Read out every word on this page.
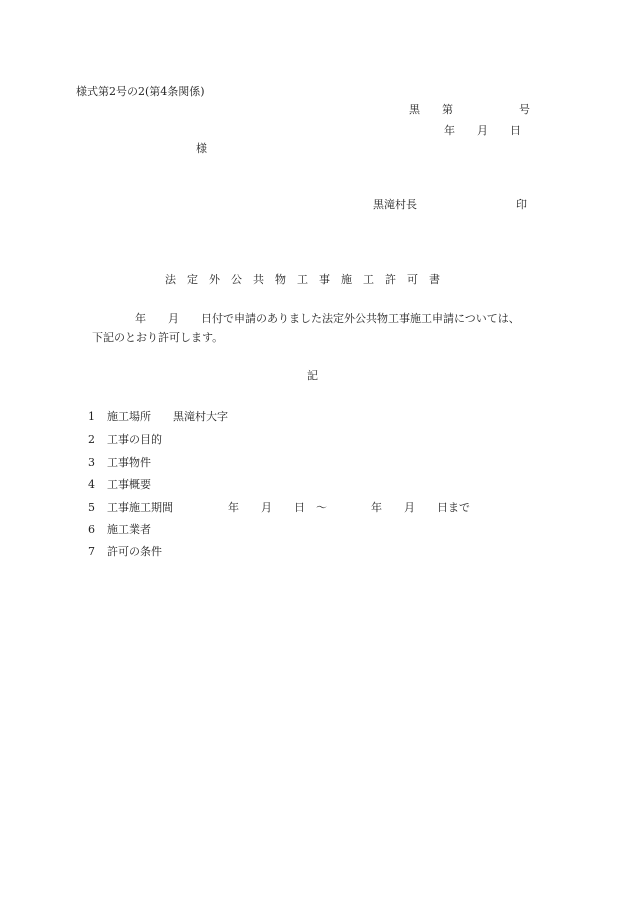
様式第2号の2(第4条関係)
黒　　第　　　　　　号
年　　月　　日
様
黒滝村長　　　　　　　　　印
法　定　外　公　共　物　工　事　施　工　許　可　書
年　　月　　日付で申請のありました法定外公共物工事施工申請については、
下記のとおり許可します。
記
1 施工場所　　黒滝村大字
2 工事の目的
3 工事物件
4 工事概要
5 工事施工期間　　　　　年　　月　　日　～　　　　年　　月　　日まで
6 施工業者
7 許可の条件
